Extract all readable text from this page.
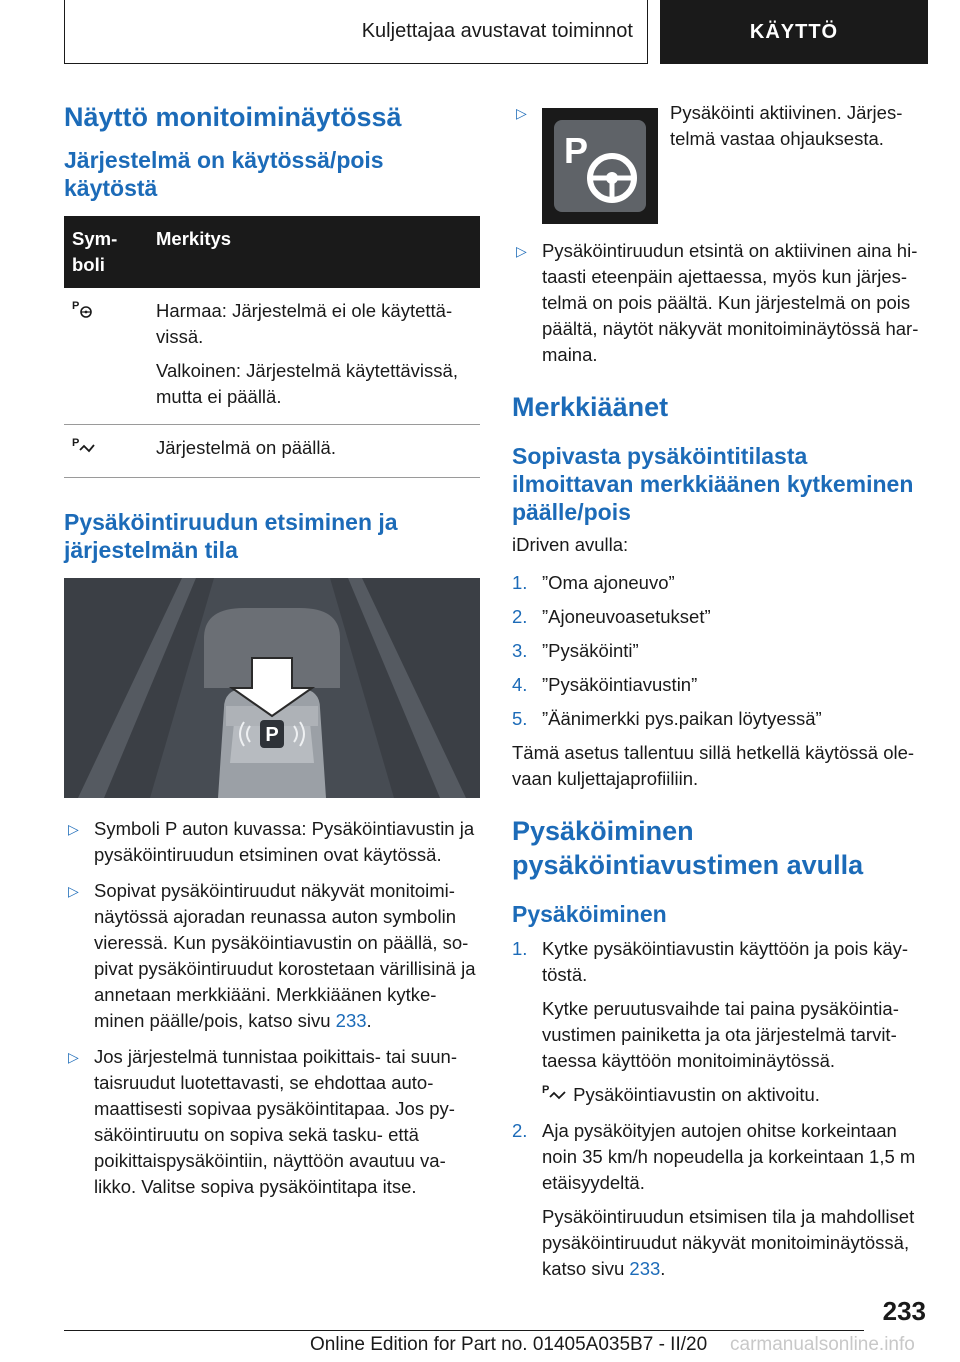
Kuljettajaa avustavat toiminnot	KÄYTTÖ
Näyttö monitoiminäytössä
Järjestelmä on käytössä/pois käytöstä
Symboli	Merkitys

P	Harmaa: Järjestelmä ei ole käytettävissä.

Valkoinen: Järjestelmä käytettävissä, mutta ei päällä.

P	Järjestelmä on päällä.

Pysäköintiruudun etsiminen ja järjestelmän tila
P
▷ Symboli P auton kuvassa: Pysäköintiavustin ja pysäköintiruudun etsiminen ovat käytössä.
▷ Sopivat pysäköintiruudut näkyvät monitoiminäytössä ajoradan reunassa auton symbolin vieressä. Kun pysäköintiavustin on päällä, sopivat pysäköintiruudut korostetaan värillisinä ja annetaan merkkiääni. Merkkiäänen kytkeminen päälle/pois, katso sivu 233.
▷ Jos järjestelmä tunnistaa poikittais- tai suuntaisruudut luotettavasti, se ehdottaa automaattisesti sopivaa pysäköintitapaa. Jos pysäköintiruutu on sopiva sekä tasku- että poikittaispysäköintiin, näyttöön avautuu valikko. Valitse sopiva pysäköintitapa itse.
▷
P

Pysäköinti aktiivinen. Järjestelmä vastaa ohjauksesta.

▷ Pysäköintiruudun etsintä on aktiivinen aina hitaasti eteenpäin ajettaessa, myös kun järjestelmä on pois päältä. Kun järjestelmä on pois päältä, näytöt näkyvät monitoiminäytössä harmaina.
Merkkiäänet
Sopivasta pysäköintitilasta ilmoittavan merkkiäänen kytkeminen päälle/pois

iDriven avulla:

1. ”Oma ajoneuvo”
2. ”Ajoneuvoasetukset”
3. ”Pysäköinti”
4. ”Pysäköintiavustin”
5. ”Äänimerkki pys.paikan löytyessä”

Tämä asetus tallentuu sillä hetkellä käytössä olevaan kuljettajaprofiiliin.

Pysäköiminen pysäköintiavustimen avulla
Pysäköiminen
1. Kytke pysäköintiavustin käyttöön ja pois käytöstä.

Kytke peruutusvaihde tai paina pysäköintiavustimen painiketta ja ota järjestelmä tarvittaessa käyttöön monitoiminäytössä.

P Pysäköintiavustin on aktivoitu.

2. Aja pysäköityjen autojen ohitse korkeintaan noin 35 km/h nopeudella ja korkeintaan 1,5 m etäisyydeltä.

Pysäköintiruudun etsimisen tila ja mahdolliset pysäköintiruudut näkyvät monitoiminäytössä, katso sivu 233.

233
Online Edition for Part no. 01405A035B7 - II/20 carmanualsonline.info
